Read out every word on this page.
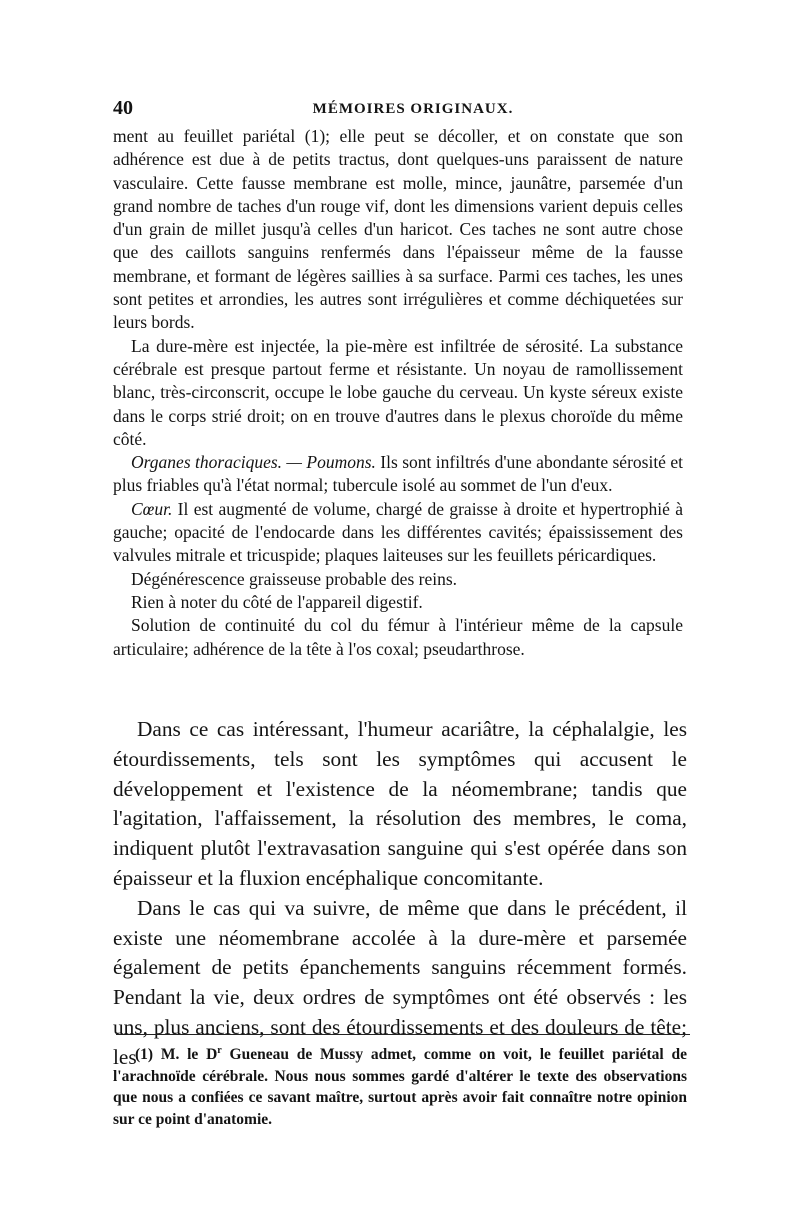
40	MÉMOIRES ORIGINAUX.

ment au feuillet pariétal (1); elle peut se décoller, et on constate que son adhérence est due à de petits tractus, dont quelques-uns paraissent de nature vasculaire. Cette fausse membrane est molle, mince, jaunâtre, parsemée d'un grand nombre de taches d'un rouge vif, dont les dimensions varient depuis celles d'un grain de millet jusqu'à celles d'un haricot. Ces taches ne sont autre chose que des caillots sanguins renfermés dans l'épaisseur même de la fausse membrane, et formant de légères saillies à sa surface. Parmi ces taches, les unes sont petites et arrondies, les autres sont irrégulières et comme déchiquetées sur leurs bords.

La dure-mère est injectée, la pie-mère est infiltrée de sérosité. La substance cérébrale est presque partout ferme et résistante. Un noyau de ramollissement blanc, très-circonscrit, occupe le lobe gauche du cerveau. Un kyste séreux existe dans le corps strié droit; on en trouve d'autres dans le plexus choroïde du même côté.

Organes thoraciques. — Poumons. Ils sont infiltrés d'une abondante sérosité et plus friables qu'à l'état normal; tubercule isolé au sommet de l'un d'eux.

Cœur. Il est augmenté de volume, chargé de graisse à droite et hypertrophié à gauche; opacité de l'endocarde dans les différentes cavités; épaississement des valvules mitrale et tricuspide; plaques laiteuses sur les feuillets péricardiques.

Dégénérescence graisseuse probable des reins.

Rien à noter du côté de l'appareil digestif.

Solution de continuité du col du fémur à l'intérieur même de la capsule articulaire; adhérence de la tête à l'os coxal; pseudarthrose.

Dans ce cas intéressant, l'humeur acariâtre, la céphalalgie, les étourdissements, tels sont les symptômes qui accusent le développement et l'existence de la néomembrane; tandis que l'agitation, l'affaissement, la résolution des membres, le coma, indiquent plutôt l'extravasation sanguine qui s'est opérée dans son épaisseur et la fluxion encéphalique concomitante.

Dans le cas qui va suivre, de même que dans le précédent, il existe une néomembrane accolée à la dure-mère et parsemée également de petits épanchements sanguins récemment formés. Pendant la vie, deux ordres de symptômes ont été observés : les uns, plus anciens, sont des étourdissements et des douleurs de tête; les

(1) M. le $D^r$ Gueneau de Mussy admet, comme on voit, le feuillet pariétal de l'arachnoïde cérébrale. Nous nous sommes gardé d'altérer le texte des observations que nous a confiées ce savant maître, surtout après avoir fait connaître notre opinion sur ce point d'anatomie.
